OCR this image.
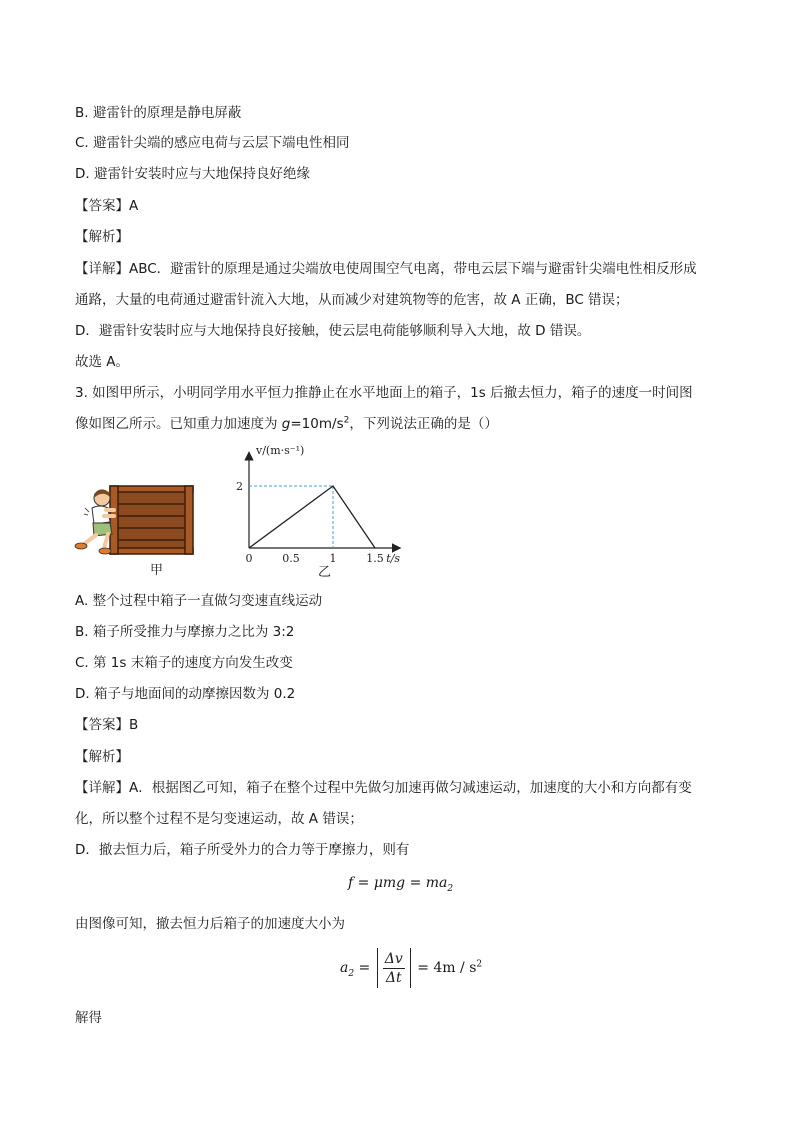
B. 避雷针的原理是静电屏蔽
C. 避雷针尖端的感应电荷与云层下端电性相同
D. 避雷针安装时应与大地保持良好绝缘
【答案】A
【解析】
【详解】ABC．避雷针的原理是通过尖端放电使周围空气电离，带电云层下端与避雷针尖端电性相反形成
通路，大量的电荷通过避雷针流入大地，从而减少对建筑物等的危害，故 A 正确，BC 错误；
D．避雷针安装时应与大地保持良好接触，使云层电荷能够顺利导入大地，故 D 错误。
故选 A。
3. 如图甲所示，小明同学用水平恒力推静止在水平地面上的箱子，1s 后撤去恒力，箱子的速度一时间图
像如图乙所示。已知重力加速度为 $g=10m/s^2$，下列说法正确的是（）
甲
0	0.5	1	1.5
2
t/s
v/(m·s⁻¹)
乙
A. 整个过程中箱子一直做匀变速直线运动
B. 箱子所受推力与摩擦力之比为 3:2
C. 第 1s 末箱子的速度方向发生改变
D. 箱子与地面间的动摩擦因数为 0.2
【答案】B
【解析】
【详解】A．根据图乙可知，箱子在整个过程中先做匀加速再做匀减速运动，加速度的大小和方向都有变
化，所以整个过程不是匀变速运动，故 A 错误；
D．撤去恒力后，箱子所受外力的合力等于摩擦力，则有
$f = \mu mg = ma_2$
由图像可知，撤去恒力后箱子的加速度大小为
$a_2 = \frac{\Delta v}{\Delta t} = 4m / s^2$
解得
